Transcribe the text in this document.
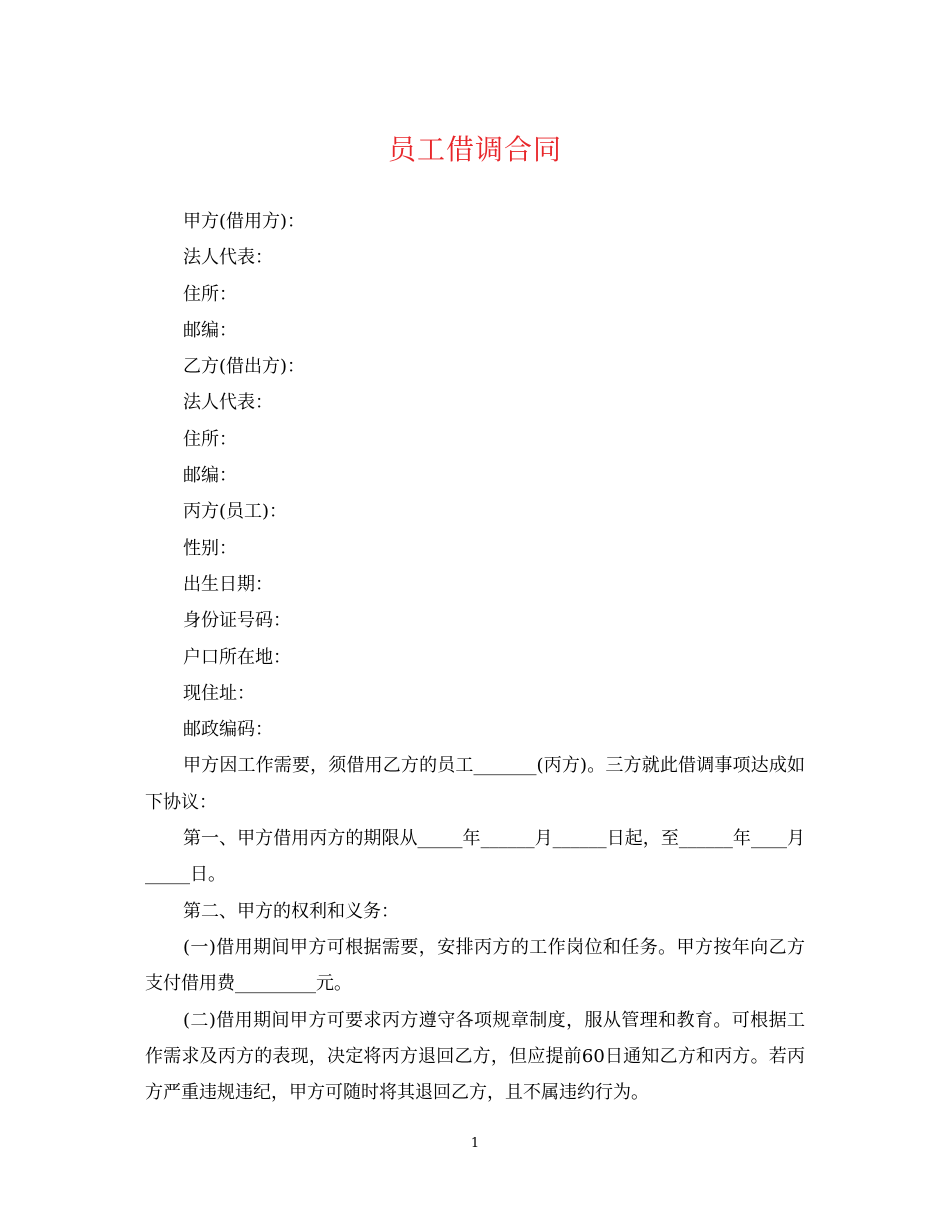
员工借调合同
甲方(借用方)：
法人代表：
住所：
邮编：
乙方(借出方)：
法人代表：
住所：
邮编：
丙方(员工)：
性别：
出生日期：
身份证号码：
户口所在地：
现住址：
邮政编码：

甲方因工作需要，须借用乙方的员工_______(丙方)。三方就此借调事项达成如下协议：

第一、甲方借用丙方的期限从_____年______月______日起，至______年____月_____日。

第二、甲方的权利和义务：

(一)借用期间甲方可根据需要，安排丙方的工作岗位和任务。甲方按年向乙方支付借用费_________元。

(二)借用期间甲方可要求丙方遵守各项规章制度，服从管理和教育。可根据工作需求及丙方的表现，决定将丙方退回乙方，但应提前60日通知乙方和丙方。若丙方严重违规违纪，甲方可随时将其退回乙方，且不属违约行为。

1
